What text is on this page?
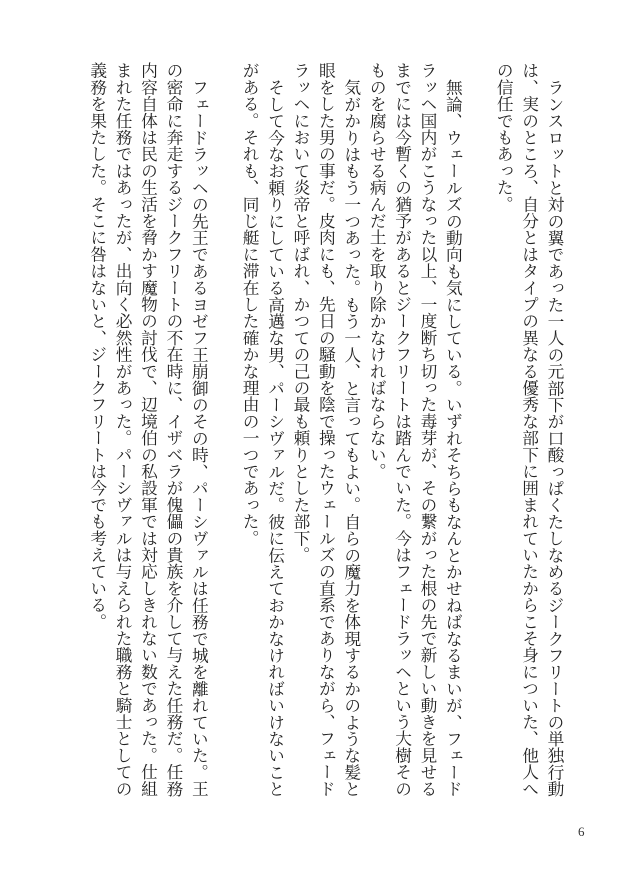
ランスロットと対の翼であった一人の元部下が口酸っぱくたしなめるジークフリートの単独行動は、実のところ、自分とはタイプの異なる優秀な部下に囲まれていたからこそ身についた、他人への信任でもあった。

無論、ウェールズの動向も気にしている。いずれそちらもなんとかせねばなるまいが、フェードラッヘ国内がこうなった以上、一度断ち切った毒芽が、その繋がった根の先で新しい動きを見せるまでには今暫くの猶予があるとジークフリートは踏んでいた。今はフェードラッヘという大樹そのものを腐らせる病んだ土を取り除かなければならない。

気がかりはもう一つあった。もう一人、と言ってもよい。自らの魔力を体現するかのような髪と眼をした男の事だ。皮肉にも、先日の騒動を陰で操ったウェールズの直系でありながら、フェードラッヘにおいて炎帝と呼ばれ、かつての己の最も頼りとした部下。

そして今なお頼りにしている高邁な男、パーシヴァルだ。彼に伝えておかなければいけないことがある。それも、同じ艇に滞在した確かな理由の一つであった。

フェードラッヘの先王であるヨゼフ王崩御のその時、パーシヴァルは任務で城を離れていた。王の密命に奔走するジークフリートの不在時に、イザベラが傀儡の貴族を介して与えた任務だ。任務内容自体は民の生活を脅かす魔物の討伐で、辺境伯の私設軍では対応しきれない数であった。仕組まれた任務ではあったが、出向く必然性があった。パーシヴァルは与えられた職務と騎士としての義務を果たした。そこに咎はないと、ジークフリートは今でも考えている。

6
